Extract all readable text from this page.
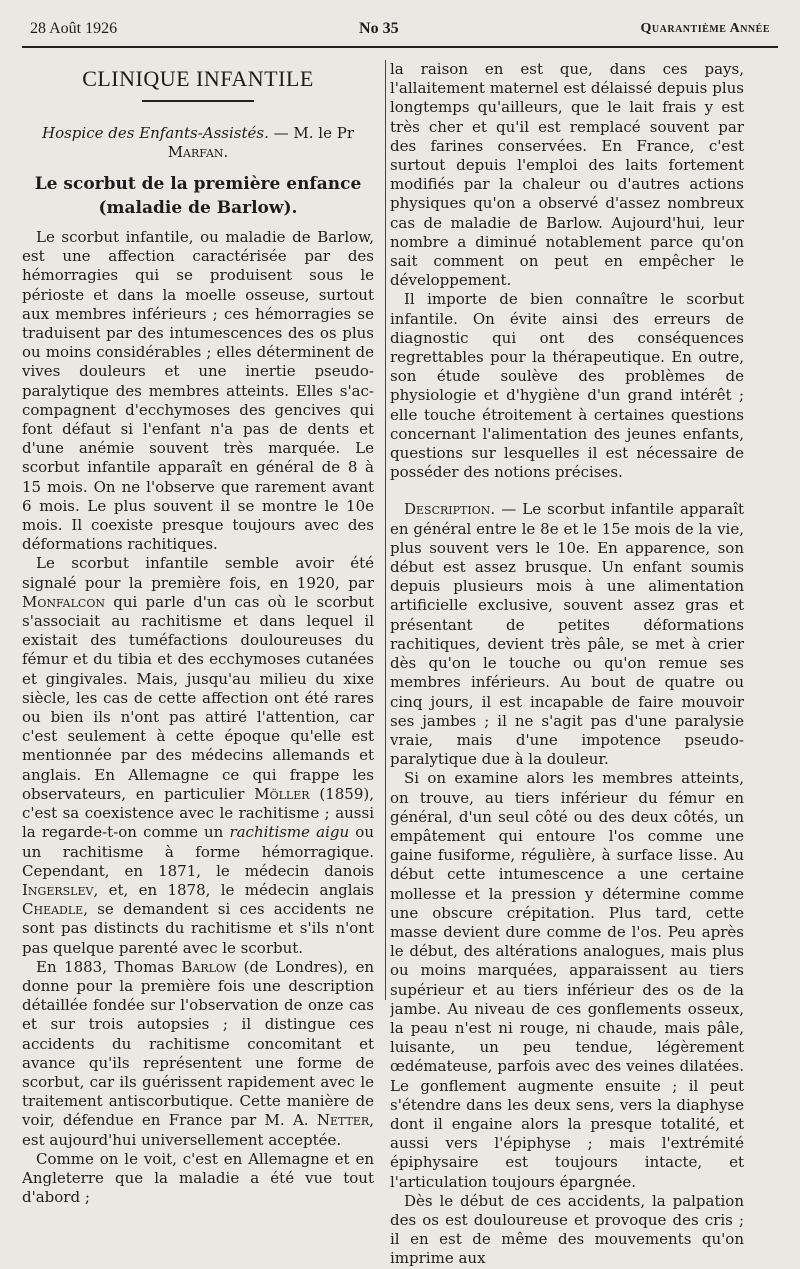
28 Août 1926	No 35	Quarantième Année
CLINIQUE INFANTILE
Hospice des Enfants-Assistés. — M. le Pr Marfan.
Le scorbut de la première enfance
(maladie de Barlow).

Le scorbut infantile, ou maladie de Barlow, est une affection caractérisée par des hémorragies qui se produisent sous le périoste et dans la moelle osseuse, surtout aux membres inférieurs ; ces hémorragies se traduisent par des intumescences des os plus ou moins considérables ; elles déterminent de vives douleurs et une inertie pseudo-paralytique des membres atteints. Elles s'accompagnent d'ecchymoses des gencives qui font défaut si l'enfant n'a pas de dents et d'une anémie souvent très marquée. Le scorbut infantile apparaît en général de 8 à 15 mois. On ne l'observe que rarement avant 6 mois. Le plus souvent il se montre le 10e mois. Il coexiste presque toujours avec des déformations rachitiques.

Le scorbut infantile semble avoir été signalé pour la première fois, en 1920, par Monfalcon qui parle d'un cas où le scorbut s'associait au rachitisme et dans lequel il existait des tuméfactions douloureuses du fémur et du tibia et des ecchymoses cutanées et gingivales. Mais, jusqu'au milieu du xixe siècle, les cas de cette affection ont été rares ou bien ils n'ont pas attiré l'attention, car c'est seulement à cette époque qu'elle est mentionnée par des médecins allemands et anglais. En Allemagne ce qui frappe les observateurs, en particulier Möller (1859), c'est sa coexistence avec le rachitisme ; aussi la regarde-t-on comme un rachitisme aigu ou un rachitisme à forme hémorragique. Cependant, en 1871, le médecin danois Ingerslev, et, en 1878, le médecin anglais Cheadle, se demandent si ces accidents ne sont pas distincts du rachitisme et s'ils n'ont pas quelque parenté avec le scorbut.

En 1883, Thomas Barlow (de Londres), en donne pour la première fois une description détaillée fondée sur l'observation de onze cas et sur trois autopsies ; il distingue ces accidents du rachitisme concomitant et avance qu'ils représentent une forme de scorbut, car ils guérissent rapidement avec le traitement antiscorbutique. Cette manière de voir, défendue en France par M. A. Netter, est aujourd'hui universellement acceptée.

Comme on le voit, c'est en Allemagne et en Angleterre que la maladie a été vue tout d'abord ;

la raison en est que, dans ces pays, l'allaitement maternel est délaissé depuis plus longtemps qu'ailleurs, que le lait frais y est très cher et qu'il est remplacé souvent par des farines conservées. En France, c'est surtout depuis l'emploi des laits fortement modifiés par la chaleur ou d'autres actions physiques qu'on a observé d'assez nombreux cas de maladie de Barlow. Aujourd'hui, leur nombre a diminué notablement parce qu'on sait comment on peut en empêcher le développement.

Il importe de bien connaître le scorbut infantile. On évite ainsi des erreurs de diagnostic qui ont des conséquences regrettables pour la thérapeutique. En outre, son étude soulève des problèmes de physiologie et d'hygiène d'un grand intérêt ; elle touche étroitement à certaines questions concernant l'alimentation des jeunes enfants, questions sur lesquelles il est nécessaire de posséder des notions précises.

Description. — Le scorbut infantile apparaît en général entre le 8e et le 15e mois de la vie, plus souvent vers le 10e. En apparence, son début est assez brusque. Un enfant soumis depuis plusieurs mois à une alimentation artificielle exclusive, souvent assez gras et présentant de petites déformations rachitiques, devient très pâle, se met à crier dès qu'on le touche ou qu'on remue ses membres inférieurs. Au bout de quatre ou cinq jours, il est incapable de faire mouvoir ses jambes ; il ne s'agit pas d'une paralysie vraie, mais d'une impotence pseudo-paralytique due à la douleur.

Si on examine alors les membres atteints, on trouve, au tiers inférieur du fémur en général, d'un seul côté ou des deux côtés, un empâtement qui entoure l'os comme une gaine fusiforme, régulière, à surface lisse. Au début cette intumescence a une certaine mollesse et la pression y détermine comme une obscure crépitation. Plus tard, cette masse devient dure comme de l'os. Peu après le début, des altérations analogues, mais plus ou moins marquées, apparaissent au tiers supérieur et au tiers inférieur des os de la jambe. Au niveau de ces gonflements osseux, la peau n'est ni rouge, ni chaude, mais pâle, luisante, un peu tendue, légèrement œdémateuse, parfois avec des veines dilatées. Le gonflement augmente ensuite ; il peut s'étendre dans les deux sens, vers la diaphyse dont il engaine alors la presque totalité, et aussi vers l'épiphyse ; mais l'extrémité épiphysaire est toujours intacte, et l'articulation toujours épargnée.

Dès le début de ces accidents, la palpation des os est douloureuse et provoque des cris ; il en est de même des mouvements qu'on imprime aux
